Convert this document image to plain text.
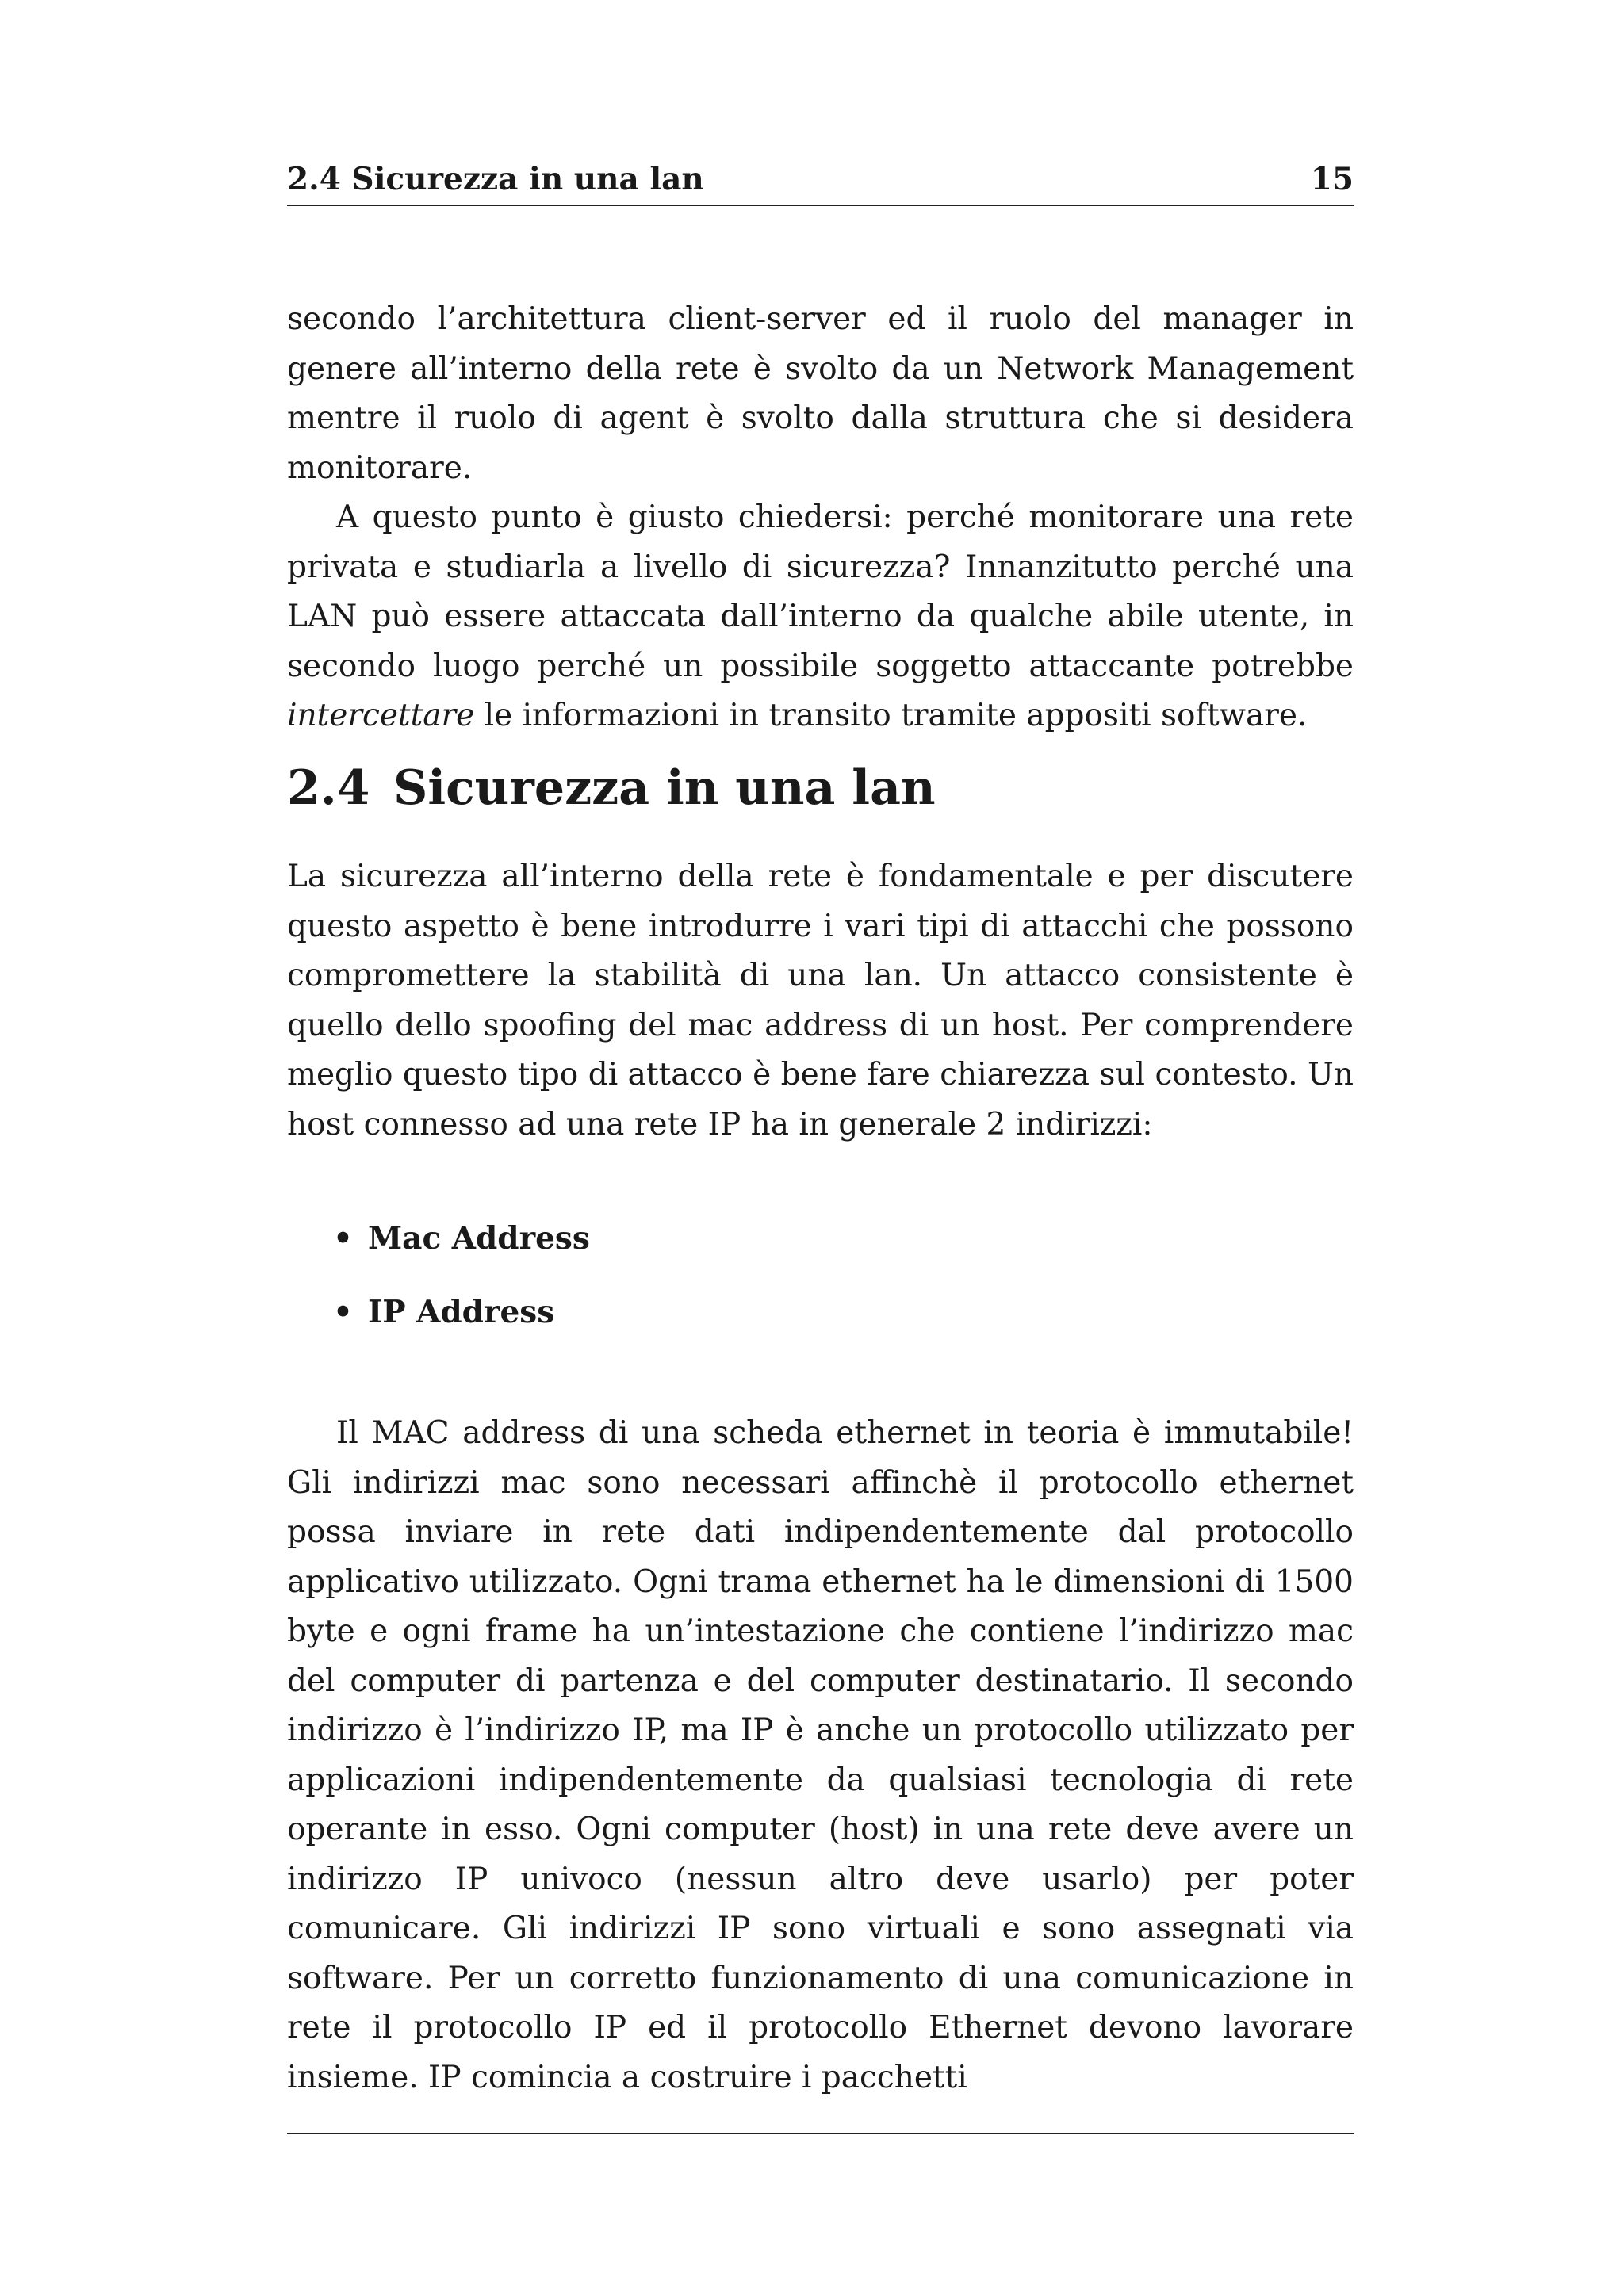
2.4 Sicurezza in una lan	15

secondo l’architettura client-server ed il ruolo del manager in genere all’interno della rete è svolto da un Network Management mentre il ruolo di agent è svolto dalla struttura che si desidera monitorare.

A questo punto è giusto chiedersi: perché monitorare una rete privata e studiarla a livello di sicurezza? Innanzitutto perché una LAN può essere attaccata dall’interno da qualche abile utente, in secondo luogo perché un possibile soggetto attaccante potrebbe intercettare le informazioni in transito tramite appositi software.

2.4 Sicurezza in una lan

La sicurezza all’interno della rete è fondamentale e per discutere questo aspetto è bene introdurre i vari tipi di attacchi che possono compromettere la stabilità di una lan. Un attacco consistente è quello dello spoofing del mac address di un host. Per comprendere meglio questo tipo di attacco è bene fare chiarezza sul contesto. Un host connesso ad una rete IP ha in generale 2 indirizzi:

• Mac Address
• IP Address

Il MAC address di una scheda ethernet in teoria è immutabile! Gli indirizzi mac sono necessari affinchè il protocollo ethernet possa inviare in rete dati indipendentemente dal protocollo applicativo utilizzato. Ogni trama ethernet ha le dimensioni di 1500 byte e ogni frame ha un’intestazione che contiene l’indirizzo mac del computer di partenza e del computer destinatario. Il secondo indirizzo è l’indirizzo IP, ma IP è anche un protocollo utilizzato per applicazioni indipendentemente da qualsiasi tecnologia di rete operante in esso. Ogni computer (host) in una rete deve avere un indirizzo IP univoco (nessun altro deve usarlo) per poter comunicare. Gli indirizzi IP sono virtuali e sono assegnati via software. Per un corretto funzionamento di una comunicazione in rete il protocollo IP ed il protocollo Ethernet devono lavorare insieme. IP comincia a costruire i pacchetti
